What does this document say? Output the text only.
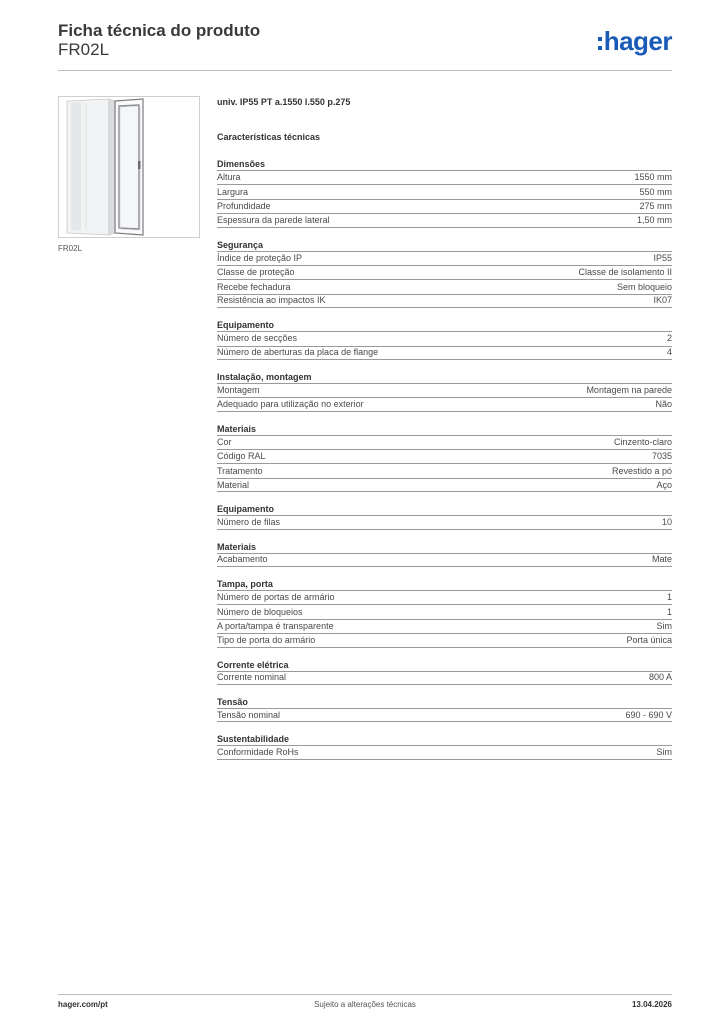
Ficha técnica do produto
FR02L	hager
FR02L
univ. IP55 PT a.1550 l.550 p.275
Características técnicas
Dimensões
Altura	1550 mm
Largura	550 mm
Profundidade	275 mm
Espessura da parede lateral	1,50 mm
Segurança
Índice de proteção IP	IP55
Classe de proteção	Classe de isolamento II
Recebe fechadura	Sem bloqueio
Resistência ao impactos IK	IK07
Equipamento
Número de secções	2
Número de aberturas da placa de flange	4
Instalação, montagem
Montagem	Montagem na parede
Adequado para utilização no exterior	Não
Materiais
Cor	Cinzento-claro
Código RAL	7035
Tratamento	Revestido a pó
Material	Aço
Equipamento
Número de filas	10
Materiais
Acabamento	Mate
Tampa, porta
Número de portas de armário	1
Número de bloqueios	1
A porta/tampa é transparente	Sim
Tipo de porta do armário	Porta única
Corrente elétrica
Corrente nominal	800 A
Tensão
Tensão nominal	690 - 690 V
Sustentabilidade
Conformidade RoHs	Sim
hager.com/pt	Sujeito a alterações técnicas	13.04.2026
